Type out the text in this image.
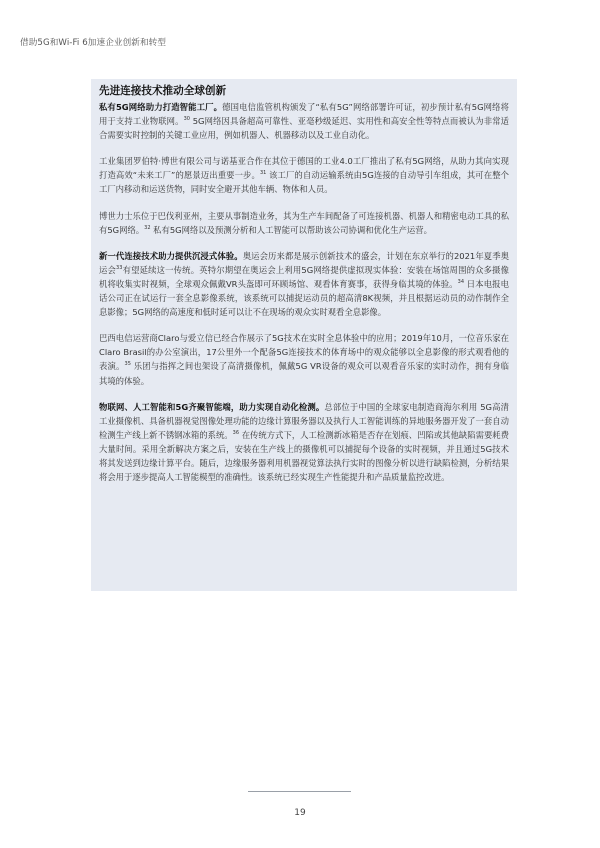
借助5G和Wi-Fi 6加速企业创新和转型
先进连接技术推动全球创新

私有5G网络助力打造智能工厂。德国电信监管机构颁发了“私有5G”网络部署许可证，初步预计私有5G网络将用于支持工业物联网。$^{30}$ 5G网络因具备超高可靠性、亚毫秒级延迟、实用性和高安全性等特点而被认为非常适合需要实时控制的关键工业应用，例如机器人、机器移动以及工业自动化。

工业集团罗伯特·博世有限公司与诺基亚合作在其位于德国的工业4.0工厂推出了私有5G网络，从助力其向实现打造高效“未来工厂”的愿景迈出重要一步。$^{31}$ 该工厂的自动运输系统由5G连接的自动导引车组成，其可在整个工厂内移动和运送货物，同时安全避开其他车辆、物体和人员。

博世力士乐位于巴伐利亚州，主要从事制造业务，其为生产车间配备了可连接机器、机器人和精密电动工具的私有5G网络。$^{32}$ 私有5G网络以及预测分析和人工智能可以帮助该公司协调和优化生产运营。

新一代连接技术助力提供沉浸式体验。奥运会历来都是展示创新技术的盛会，计划在东京举行的2021年夏季奥运会$^{33}$有望延续这一传统。英特尔期望在奥运会上利用5G网络提供虚拟现实体验：安装在场馆周围的众多摄像机将收集实时视频，全球观众佩戴VR头盔即可环顾场馆、观看体育赛事，获得身临其境的体验。$^{34}$ 日本电报电话公司正在试运行一套全息影像系统，该系统可以捕捉运动员的超高清8K视频，并且根据运动员的动作制作全息影像；5G网络的高速度和低时延可以让不在现场的观众实时观看全息影像。

巴西电信运营商Claro与爱立信已经合作展示了5G技术在实时全息体验中的应用；2019年10月，一位音乐家在Claro Brasil的办公室演出，17公里外一个配备5G连接技术的体育场中的观众能够以全息影像的形式观看他的表演。$^{35}$ 乐团与指挥之间也架设了高清摄像机，佩戴5G VR设备的观众可以观看音乐家的实时动作，拥有身临其境的体验。

物联网、人工智能和5G齐聚智能端，助力实现自动化检测。总部位于中国的全球家电制造商海尔利用 5G高清工业摄像机、具备机器视觉图像处理功能的边缘计算服务器以及执行人工智能训练的异地服务器开发了一套自动检测生产线上新不锈钢冰箱的系统。$^{36}$ 在传统方式下，人工检测新冰箱是否存在划痕、凹陷或其他缺陷需要耗费大量时间。采用全新解决方案之后，安装在生产线上的摄像机可以捕捉每个设备的实时视频，并且通过5G技术将其发送到边缘计算平台。随后，边缘服务器利用机器视觉算法执行实时的图像分析以进行缺陷检测，分析结果将会用于逐步提高人工智能模型的准确性。该系统已经实现生产性能提升和产品质量监控改进。

19
